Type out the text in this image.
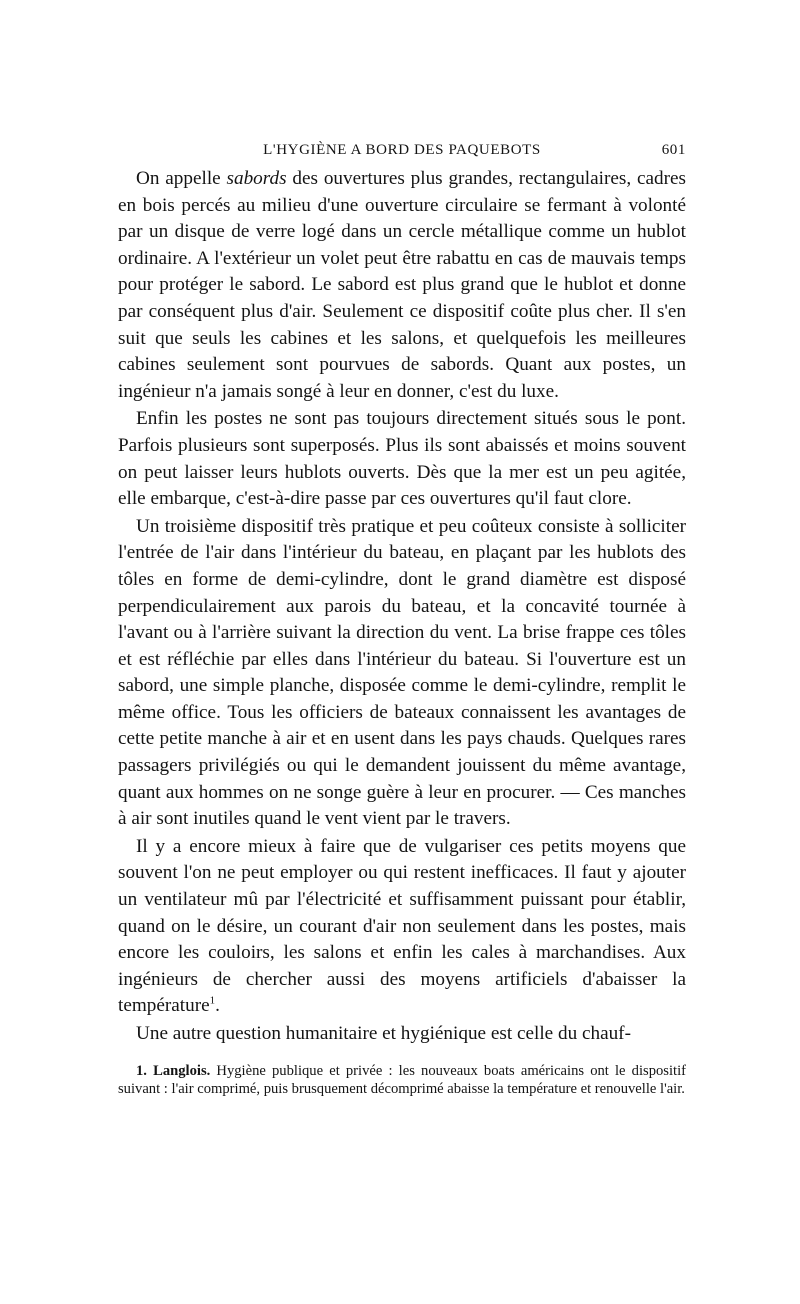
L'HYGIÈNE A BORD DES PAQUEBOTS	601

On appelle sabords des ouvertures plus grandes, rectangulaires, cadres en bois percés au milieu d'une ouverture circulaire se fermant à volonté par un disque de verre logé dans un cercle métallique comme un hublot ordinaire. A l'extérieur un volet peut être rabattu en cas de mauvais temps pour protéger le sabord. Le sabord est plus grand que le hublot et donne par conséquent plus d'air. Seulement ce dispositif coûte plus cher. Il s'en suit que seuls les cabines et les salons, et quelquefois les meilleures cabines seulement sont pourvues de sabords. Quant aux postes, un ingénieur n'a jamais songé à leur en donner, c'est du luxe.

Enfin les postes ne sont pas toujours directement situés sous le pont. Parfois plusieurs sont superposés. Plus ils sont abaissés et moins souvent on peut laisser leurs hublots ouverts. Dès que la mer est un peu agitée, elle embarque, c'est-à-dire passe par ces ouvertures qu'il faut clore.

Un troisième dispositif très pratique et peu coûteux consiste à solliciter l'entrée de l'air dans l'intérieur du bateau, en plaçant par les hublots des tôles en forme de demi-cylindre, dont le grand diamètre est disposé perpendiculairement aux parois du bateau, et la concavité tournée à l'avant ou à l'arrière suivant la direction du vent. La brise frappe ces tôles et est réfléchie par elles dans l'intérieur du bateau. Si l'ouverture est un sabord, une simple planche, disposée comme le demi-cylindre, remplit le même office. Tous les officiers de bateaux connaissent les avantages de cette petite manche à air et en usent dans les pays chauds. Quelques rares passagers privilégiés ou qui le demandent jouissent du même avantage, quant aux hommes on ne songe guère à leur en procurer. — Ces manches à air sont inutiles quand le vent vient par le travers.

Il y a encore mieux à faire que de vulgariser ces petits moyens que souvent l'on ne peut employer ou qui restent inefficaces. Il faut y ajouter un ventilateur mû par l'électricité et suffisamment puissant pour établir, quand on le désire, un courant d'air non seulement dans les postes, mais encore les couloirs, les salons et enfin les cales à marchandises. Aux ingénieurs de chercher aussi des moyens artificiels d'abaisser la température$^1$.

Une autre question humanitaire et hygiénique est celle du chauf-

1. Langlois. Hygiène publique et privée : les nouveaux boats américains ont le dispositif suivant : l'air comprimé, puis brusquement décomprimé abaisse la température et renouvelle l'air.
